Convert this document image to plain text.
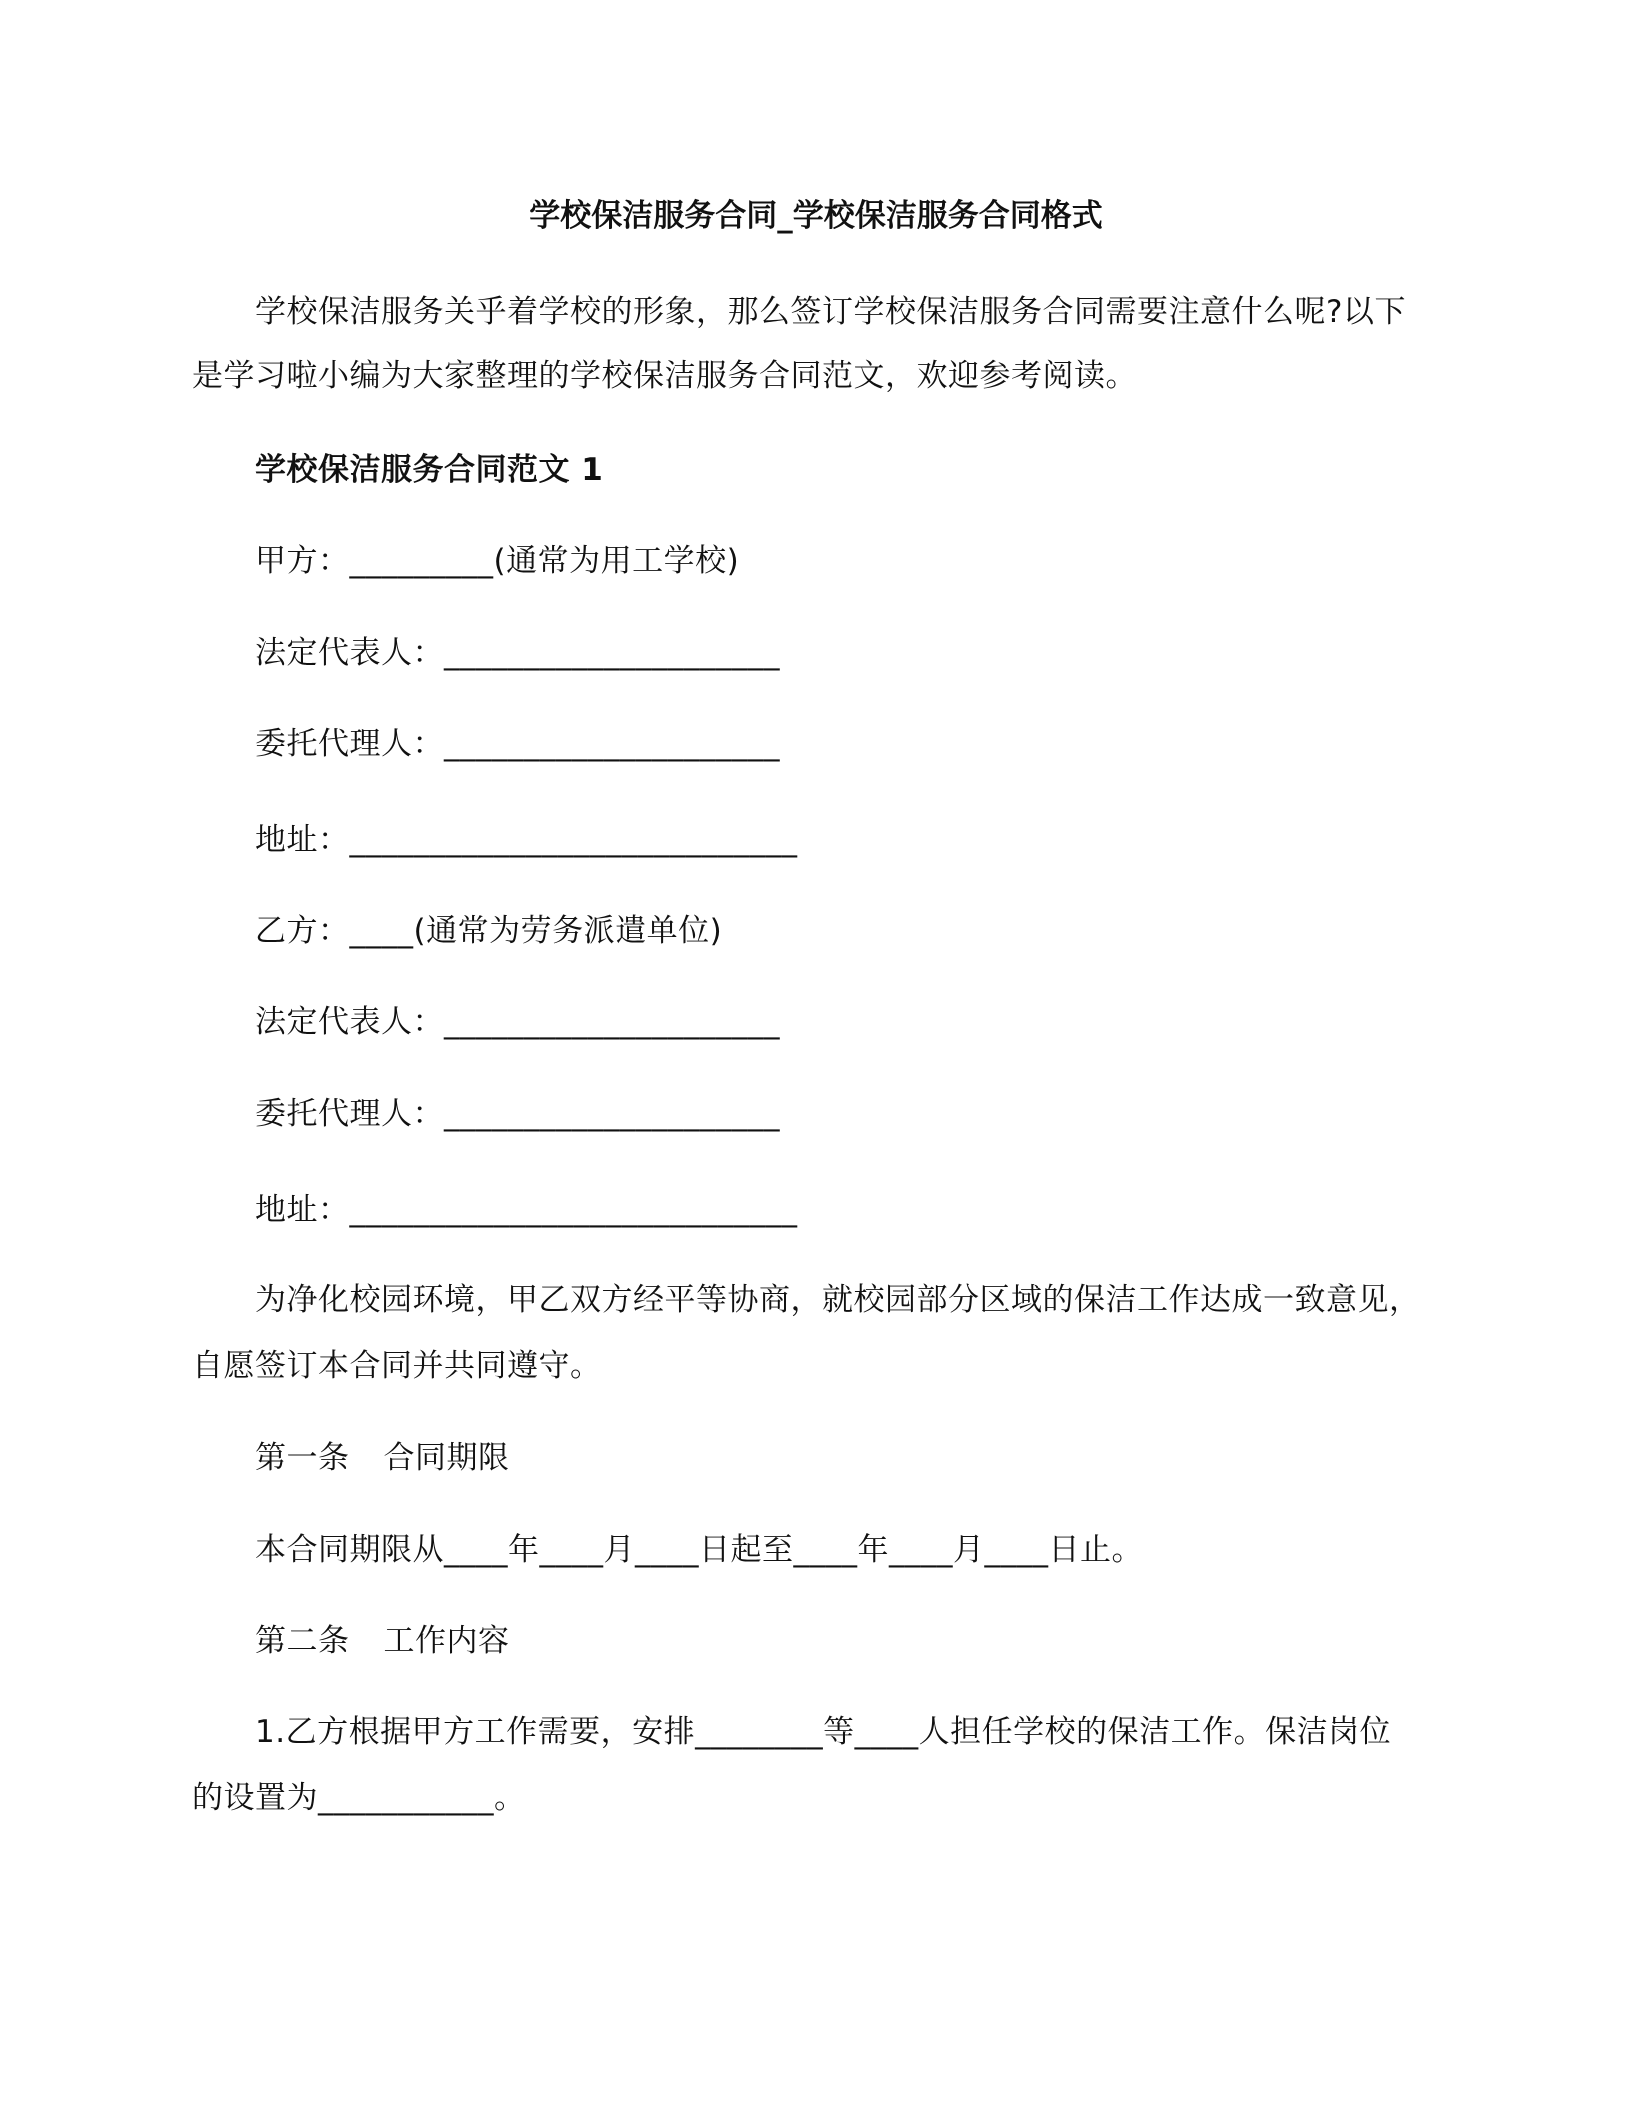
学校保洁服务合同_学校保洁服务合同格式
学校保洁服务关乎着学校的形象，那么签订学校保洁服务合同需要注意什么呢?以下
是学习啦小编为大家整理的学校保洁服务合同范文，欢迎参考阅读。
学校保洁服务合同范文 1
甲方：_________(通常为用工学校)
法定代表人：_____________________
委托代理人：_____________________
地址：____________________________
乙方：____(通常为劳务派遣单位)
法定代表人：_____________________
委托代理人：_____________________
地址：____________________________
为净化校园环境，甲乙双方经平等协商，就校园部分区域的保洁工作达成一致意见，
自愿签订本合同并共同遵守。
第一条 合同期限
本合同期限从____年____月____日起至____年____月____日止。
第二条 工作内容
1.乙方根据甲方工作需要，安排________等____人担任学校的保洁工作。保洁岗位
的设置为___________。
